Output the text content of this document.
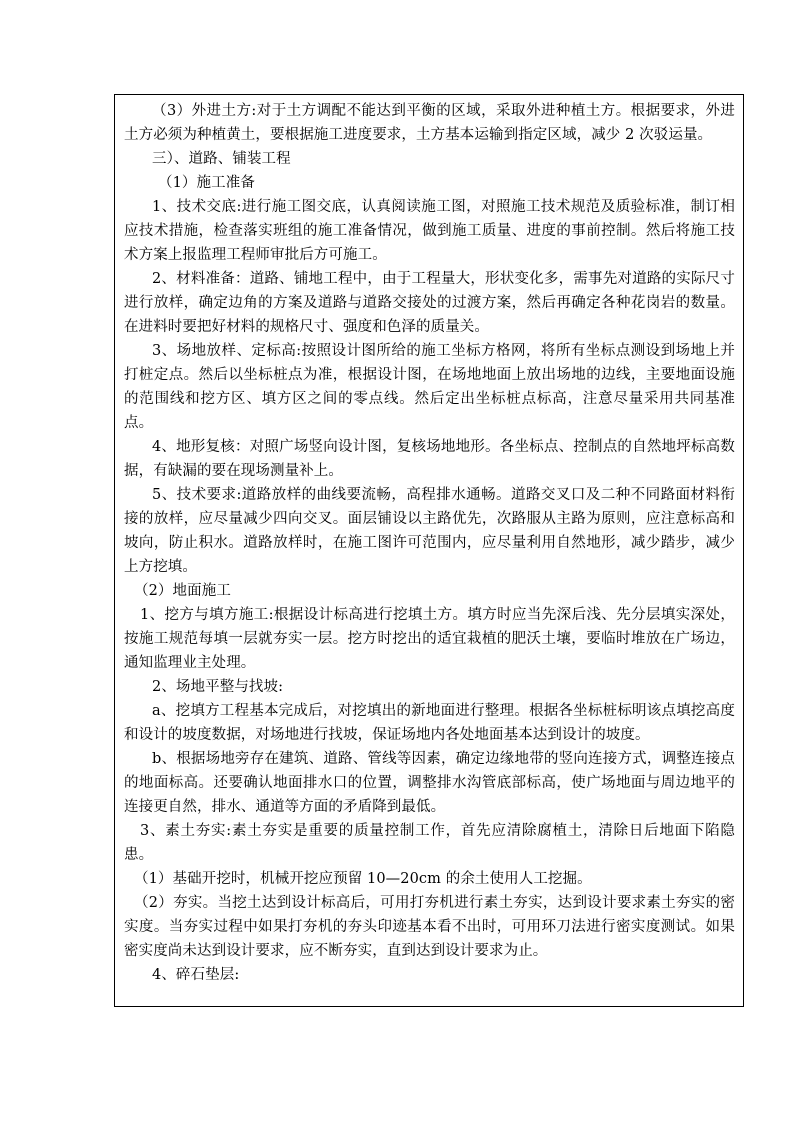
（3）外进土方:对于土方调配不能达到平衡的区域，采取外进种植土方。根据要求，外进土方必须为种植黄土，要根据施工进度要求，土方基本运输到指定区域，减少 2 次驳运量。

三）、道路、铺装工程

（1）施工准备

1、技术交底:进行施工图交底，认真阅读施工图，对照施工技术规范及质验标准，制订相应技术措施，检查落实班组的施工准备情况，做到施工质量、进度的事前控制。然后将施工技术方案上报监理工程师审批后方可施工。

2、材料准备：道路、铺地工程中，由于工程量大，形状变化多，需事先对道路的实际尺寸进行放样，确定边角的方案及道路与道路交接处的过渡方案，然后再确定各种花岗岩的数量。在进料时要把好材料的规格尺寸、强度和色泽的质量关。

3、场地放样、定标高:按照设计图所给的施工坐标方格网，将所有坐标点测设到场地上并打桩定点。然后以坐标桩点为准，根据设计图，在场地地面上放出场地的边线，主要地面设施的范围线和挖方区、填方区之间的零点线。然后定出坐标桩点标高，注意尽量采用共同基准点。

4、地形复核：对照广场竖向设计图，复核场地地形。各坐标点、控制点的自然地坪标高数据，有缺漏的要在现场测量补上。

5、技术要求:道路放样的曲线要流畅，高程排水通畅。道路交叉口及二种不同路面材料衔接的放样，应尽量减少四向交叉。面层铺设以主路优先，次路服从主路为原则，应注意标高和坡向，防止积水。道路放样时，在施工图许可范围内，应尽量利用自然地形，减少踏步，减少上方挖填。

（2）地面施工

1、挖方与填方施工:根据设计标高进行挖填土方。填方时应当先深后浅、先分层填实深处，按施工规范每填一层就夯实一层。挖方时挖出的适宜栽植的肥沃土壤，要临时堆放在广场边，通知监理业主处理。

2、场地平整与找坡:

a、挖填方工程基本完成后，对挖填出的新地面进行整理。根据各坐标桩标明该点填挖高度和设计的坡度数据，对场地进行找坡，保证场地内各处地面基本达到设计的坡度。

b、根据场地旁存在建筑、道路、管线等因素，确定边缘地带的竖向连接方式，调整连接点的地面标高。还要确认地面排水口的位置，调整排水沟管底部标高，使广场地面与周边地平的连接更自然，排水、通道等方面的矛盾降到最低。

3、素土夯实:素土夯实是重要的质量控制工作，首先应清除腐植土，清除日后地面下陷隐患。

（1）基础开挖时，机械开挖应预留 10—20cm 的余土使用人工挖掘。

（2）夯实。当挖土达到设计标高后，可用打夯机进行素土夯实，达到设计要求素土夯实的密实度。当夯实过程中如果打夯机的夯头印迹基本看不出时，可用环刀法进行密实度测试。如果密实度尚未达到设计要求，应不断夯实，直到达到设计要求为止。

4、碎石垫层:
